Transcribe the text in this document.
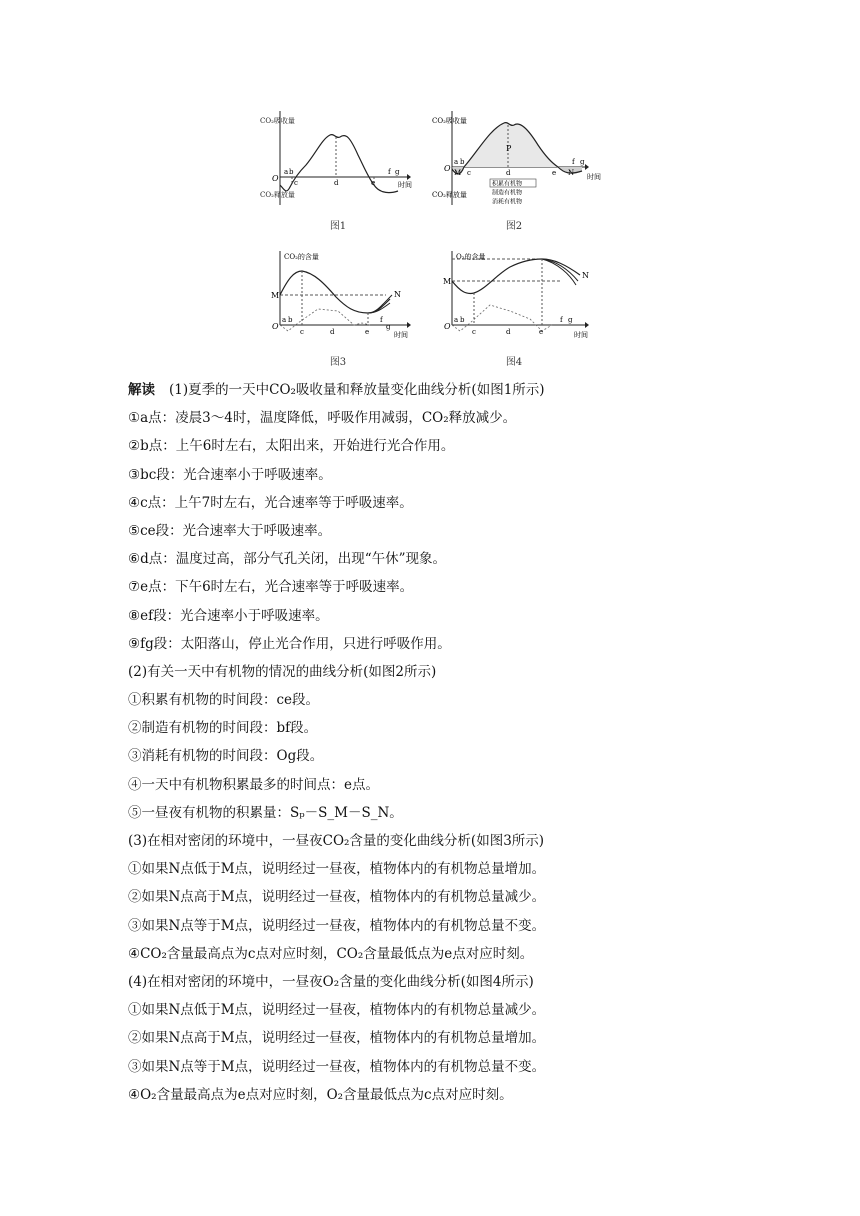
CO₂吸收量
CO₂释放量
O
时间
a b
c	d	e
f g
图1
CO₂吸收量
CO₂释放量
O
时间
P
M	N
a b
c	d	e
f g
积累有机物
制造有机物
消耗有机物
图2
CO₂的含量
M	N
O
时间
a b
c	d	e
f
g
图3
O₂的含量
M
N
O
时间
a b
c	d	e
f g
图4
解读 (1)夏季的一天中CO₂吸收量和释放量变化曲线分析(如图1所示)
①a点：凌晨3～4时，温度降低，呼吸作用减弱，CO₂释放减少。
②b点：上午6时左右，太阳出来，开始进行光合作用。
③bc段：光合速率小于呼吸速率。
④c点：上午7时左右，光合速率等于呼吸速率。
⑤ce段：光合速率大于呼吸速率。
⑥d点：温度过高，部分气孔关闭，出现“午休”现象。
⑦e点：下午6时左右，光合速率等于呼吸速率。
⑧ef段：光合速率小于呼吸速率。
⑨fg段：太阳落山，停止光合作用，只进行呼吸作用。
(2)有关一天中有机物的情况的曲线分析(如图2所示)
①积累有机物的时间段：ce段。
②制造有机物的时间段：bf段。
③消耗有机物的时间段：Og段。
④一天中有机物积累最多的时间点：e点。
⑤一昼夜有机物的积累量：Sₚ－S_M－S_N。
(3)在相对密闭的环境中，一昼夜CO₂含量的变化曲线分析(如图3所示)
①如果N点低于M点，说明经过一昼夜，植物体内的有机物总量增加。
②如果N点高于M点，说明经过一昼夜，植物体内的有机物总量减少。
③如果N点等于M点，说明经过一昼夜，植物体内的有机物总量不变。
④CO₂含量最高点为c点对应时刻，CO₂含量最低点为e点对应时刻。
(4)在相对密闭的环境中，一昼夜O₂含量的变化曲线分析(如图4所示)
①如果N点低于M点，说明经过一昼夜，植物体内的有机物总量减少。
②如果N点高于M点，说明经过一昼夜，植物体内的有机物总量增加。
③如果N点等于M点，说明经过一昼夜，植物体内的有机物总量不变。
④O₂含量最高点为e点对应时刻，O₂含量最低点为c点对应时刻。
